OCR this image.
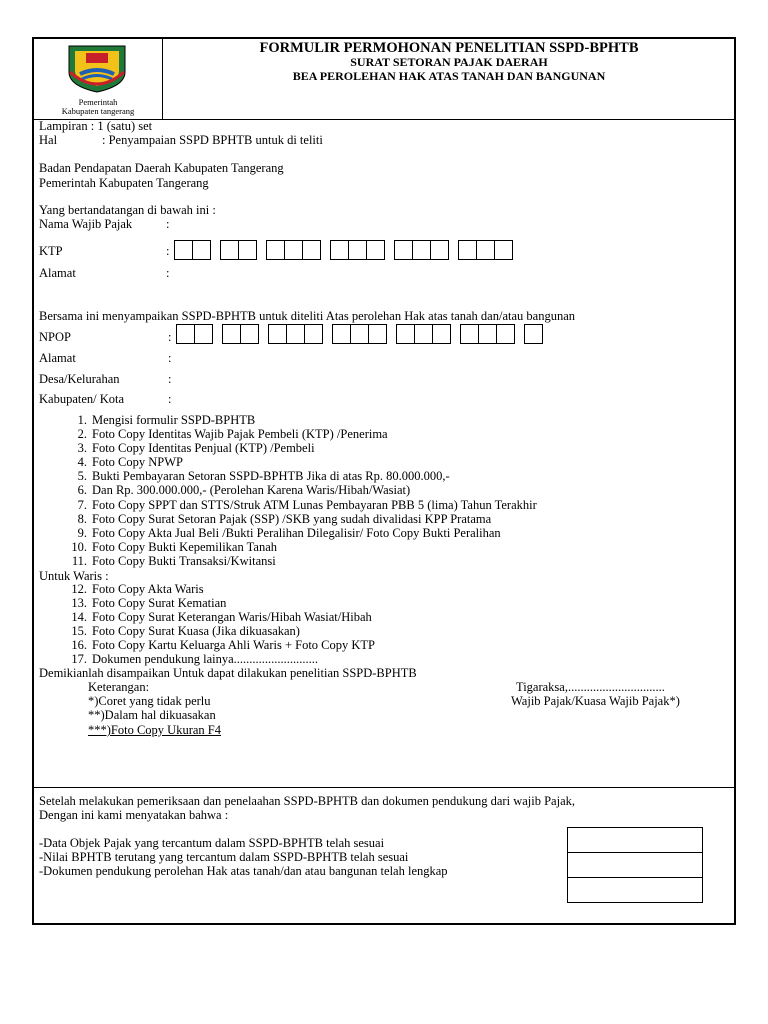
Pemerintah
Kabupaten tangerang
FORMULIR PERMOHONAN PENELITIAN SSPD-BPHTB
SURAT SETORAN PAJAK DAERAH
BEA PEROLEHAN HAK ATAS TANAH DAN BANGUNAN
Lampiran : 1 (satu) set
Hal	: Penyampaian SSPD BPHTB untuk di teliti
Badan Pendapatan Daerah Kabupaten Tangerang
Pemerintah Kabupaten Tangerang
Yang bertandatangan di bawah ini :
Nama Wajib Pajak	:
KTP	:
Alamat	:
Bersama ini menyampaikan SSPD-BPHTB untuk diteliti Atas perolehan Hak atas tanah dan/atau bangunan
NPOP	:
Alamat	:
Desa/Kelurahan	:
Kabupaten/ Kota	:
1. Mengisi formulir SSPD-BPHTB
2. Foto Copy Identitas Wajib Pajak Pembeli (KTP) /Penerima
3. Foto Copy Identitas Penjual (KTP) /Pembeli
4. Foto Copy NPWP
5. Bukti Pembayaran Setoran SSPD-BPHTB Jika di atas Rp. 80.000.000,-
6. Dan Rp. 300.000.000,- (Perolehan Karena Waris/Hibah/Wasiat)
7. Foto Copy SPPT dan STTS/Struk ATM Lunas Pembayaran PBB 5 (lima) Tahun Terakhir
8. Foto Copy Surat Setoran Pajak (SSP) /SKB yang sudah divalidasi KPP Pratama
9. Foto Copy Akta Jual Beli /Bukti Peralihan Dilegalisir/ Foto Copy Bukti Peralihan
10. Foto Copy Bukti Kepemilikan Tanah
11. Foto Copy Bukti Transaksi/Kwitansi
Untuk Waris :
12. Foto Copy Akta Waris
13. Foto Copy Surat Kematian
14. Foto Copy Surat Keterangan Waris/Hibah Wasiat/Hibah
15. Foto Copy Surat Kuasa (Jika dikuasakan)
16. Foto Copy Kartu Keluarga Ahli Waris + Foto Copy KTP
17. Dokumen pendukung lainya...........................
Demikianlah disampaikan Untuk dapat dilakukan penelitian SSPD-BPHTB
Keterangan:
*)Coret yang tidak perlu
**)Dalam hal dikuasakan
***)Foto Copy Ukuran F4
Tigaraksa,...............................
Wajib Pajak/Kuasa Wajib Pajak*)
Setelah melakukan pemeriksaan dan penelaahan SSPD-BPHTB dan dokumen pendukung dari wajib Pajak,
Dengan ini kami menyatakan bahwa :
-Data Objek Pajak yang tercantum dalam SSPD-BPHTB telah sesuai
-Nilai BPHTB terutang yang tercantum dalam SSPD-BPHTB telah sesuai
-Dokumen pendukung perolehan Hak atas tanah/dan atau bangunan telah lengkap
